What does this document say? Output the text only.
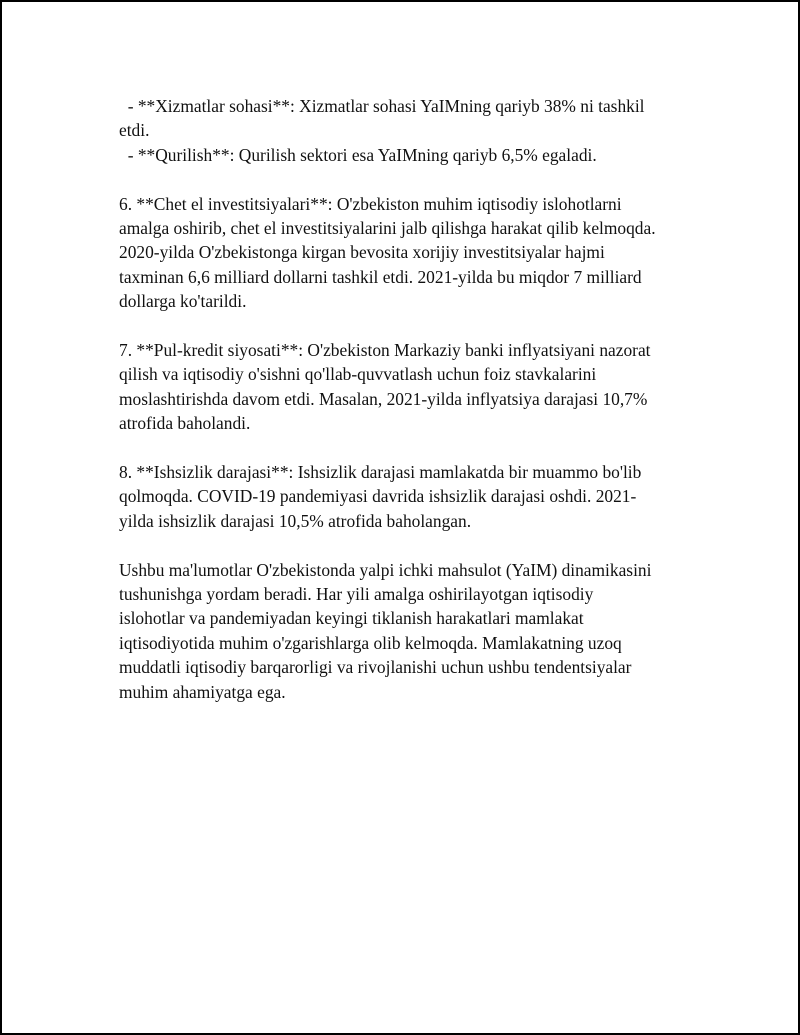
- **Xizmatlar sohasi**: Xizmatlar sohasi YaIMning qariyb 38% ni tashkil

etdi.

- **Qurilish**: Qurilish sektori esa YaIMning qariyb 6,5% egaladi.

6. **Chet el investitsiyalari**: O'zbekiston muhim iqtisodiy islohotlarni

amalga oshirib, chet el investitsiyalarini jalb qilishga harakat qilib kelmoqda.

2020-yilda O'zbekistonga kirgan bevosita xorijiy investitsiyalar hajmi

taxminan 6,6 milliard dollarni tashkil etdi. 2021-yilda bu miqdor 7 milliard

dollarga ko'tarildi.

7. **Pul-kredit siyosati**: O'zbekiston Markaziy banki inflyatsiyani nazorat

qilish va iqtisodiy o'sishni qo'llab-quvvatlash uchun foiz stavkalarini

moslashtirishda davom etdi. Masalan, 2021-yilda inflyatsiya darajasi 10,7%

atrofida baholandi.

8. **Ishsizlik darajasi**: Ishsizlik darajasi mamlakatda bir muammo bo'lib

qolmoqda. COVID-19 pandemiyasi davrida ishsizlik darajasi oshdi. 2021-

yilda ishsizlik darajasi 10,5% atrofida baholangan.

Ushbu ma'lumotlar O'zbekistonda yalpi ichki mahsulot (YaIM) dinamikasini

tushunishga yordam beradi. Har yili amalga oshirilayotgan iqtisodiy

islohotlar va pandemiyadan keyingi tiklanish harakatlari mamlakat

iqtisodiyotida muhim o'zgarishlarga olib kelmoqda. Mamlakatning uzoq

muddatli iqtisodiy barqarorligi va rivojlanishi uchun ushbu tendentsiyalar

muhim ahamiyatga ega.
